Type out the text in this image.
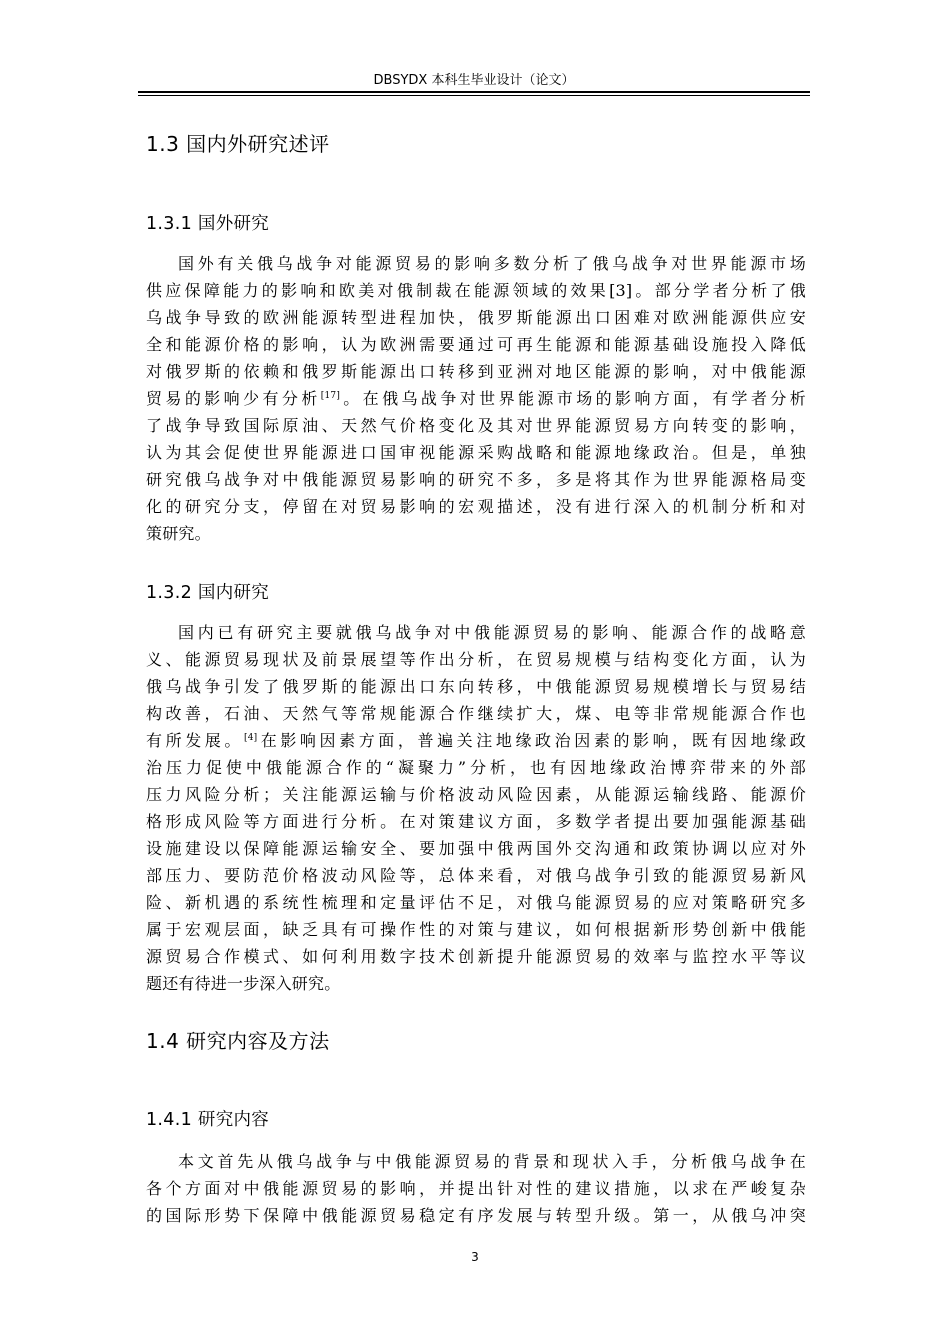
DBSYDX 本科生毕业设计（论文）
1.3 国内外研究述评
1.3.1 国外研究
国外有关俄乌战争对能源贸易的影响多数分析了俄乌战争对世界能源市场
供应保障能力的影响和欧美对俄制裁在能源领域的效果[3]。部分学者分析了俄
乌战争导致的欧洲能源转型进程加快，俄罗斯能源出口困难对欧洲能源供应安
全和能源价格的影响，认为欧洲需要通过可再生能源和能源基础设施投入降低
对俄罗斯的依赖和俄罗斯能源出口转移到亚洲对地区能源的影响，对中俄能源
贸易的影响少有分析[17]。在俄乌战争对世界能源市场的影响方面，有学者分析
了战争导致国际原油、天然气价格变化及其对世界能源贸易方向转变的影响，
认为其会促使世界能源进口国审视能源采购战略和能源地缘政治。但是，单独
研究俄乌战争对中俄能源贸易影响的研究不多，多是将其作为世界能源格局变
化的研究分支，停留在对贸易影响的宏观描述，没有进行深入的机制分析和对
策研究。
1.3.2 国内研究
国内已有研究主要就俄乌战争对中俄能源贸易的影响、能源合作的战略意
义、能源贸易现状及前景展望等作出分析，在贸易规模与结构变化方面，认为
俄乌战争引发了俄罗斯的能源出口东向转移，中俄能源贸易规模增长与贸易结
构改善，石油、天然气等常规能源合作继续扩大，煤、电等非常规能源合作也
有所发展。[4]在影响因素方面，普遍关注地缘政治因素的影响，既有因地缘政
治压力促使中俄能源合作的“凝聚力”分析，也有因地缘政治博弈带来的外部
压力风险分析；关注能源运输与价格波动风险因素，从能源运输线路、能源价
格形成风险等方面进行分析。在对策建议方面，多数学者提出要加强能源基础
设施建设以保障能源运输安全、要加强中俄两国外交沟通和政策协调以应对外
部压力、要防范价格波动风险等，总体来看，对俄乌战争引致的能源贸易新风
险、新机遇的系统性梳理和定量评估不足，对俄乌能源贸易的应对策略研究多
属于宏观层面，缺乏具有可操作性的对策与建议，如何根据新形势创新中俄能
源贸易合作模式、如何利用数字技术创新提升能源贸易的效率与监控水平等议
题还有待进一步深入研究。
1.4 研究内容及方法
1.4.1 研究内容
本文首先从俄乌战争与中俄能源贸易的背景和现状入手，分析俄乌战争在
各个方面对中俄能源贸易的影响，并提出针对性的建议措施，以求在严峻复杂
的国际形势下保障中俄能源贸易稳定有序发展与转型升级。第一，从俄乌冲突
3
